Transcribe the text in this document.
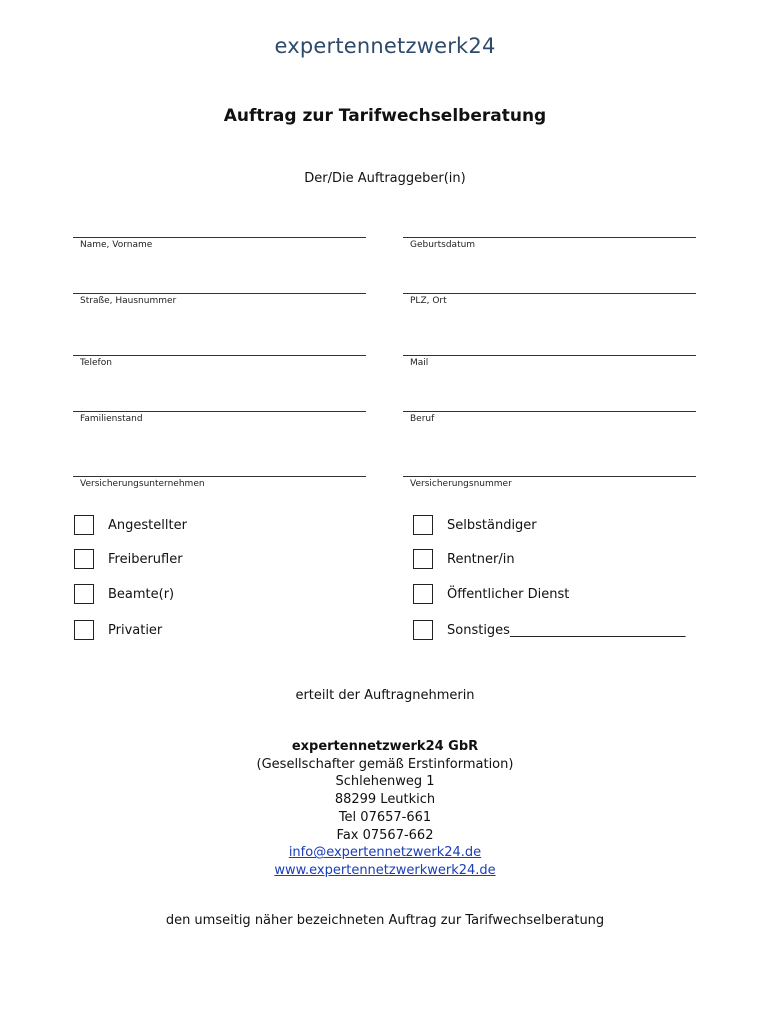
expertennetzwerk24
Auftrag zur Tarifwechselberatung
Der/Die Auftraggeber(in)
Name, Vorname
Straße, Hausnummer
Telefon
Familienstand
Versicherungsunternehmen
Geburtsdatum
PLZ, Ort
Mail
Beruf
Versicherungsnummer
Angestellter
Freiberufler
Beamte(r)
Privatier
Selbständiger
Rentner/in
Öffentlicher Dienst
Sonstiges___________________________
erteilt der Auftragnehmerin
expertennetzwerk24 GbR
(Gesellschafter gemäß Erstinformation)
Schlehenweg 1
88299 Leutkich
Tel 07657-661
Fax 07567-662
info@expertennetzwerk24.de
www.expertennetzwerkwerk24.de
den umseitig näher bezeichneten Auftrag zur Tarifwechselberatung
